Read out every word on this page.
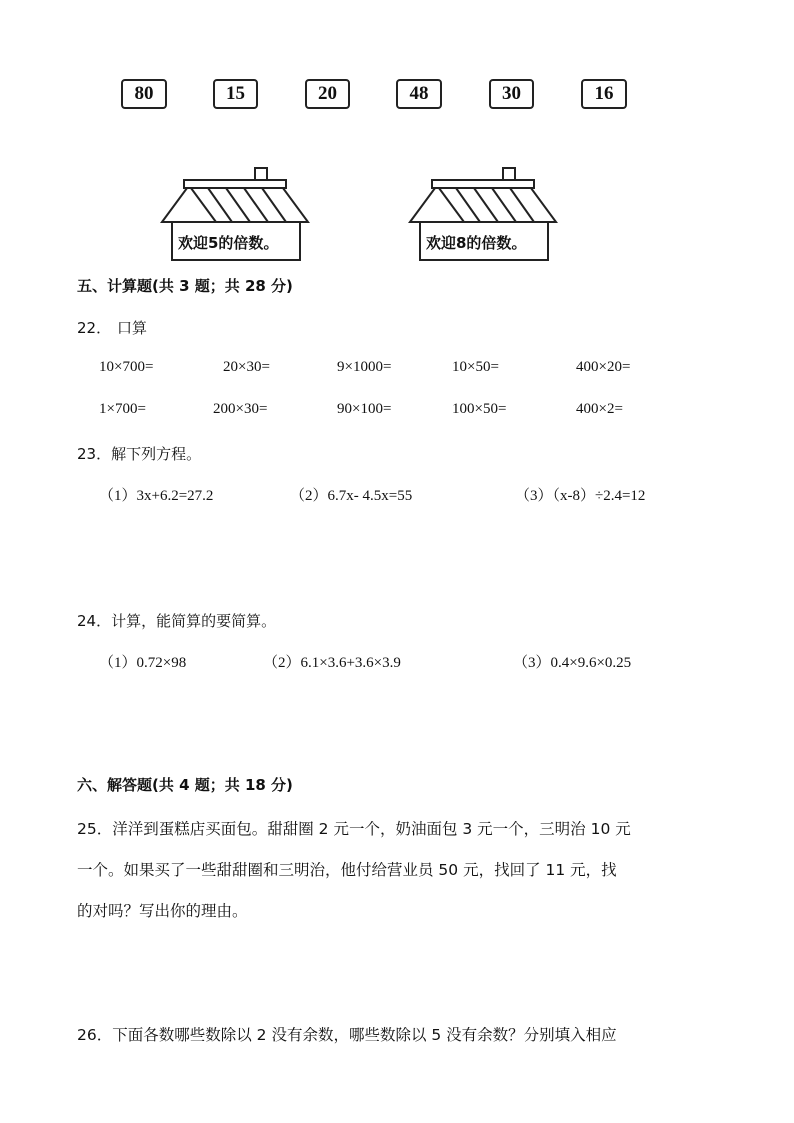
80	15	20	48	30	16
欢迎5的倍数。	欢迎8的倍数。
五、计算题(共 3 题；共 28 分)
22． 口算
10×700=	20×30=	9×1000=	10×50=	400×20=
1×700=	200×30=	90×100=	100×50=	400×2=
23．解下列方程。
（1）3x+6.2=27.2	（2）6.7x- 4.5x=55	（3）（x-8）÷2.4=12
24．计算，能简算的要简算。
（1）0.72×98	（2）6.1×3.6+3.6×3.9	（3）0.4×9.6×0.25
六、解答题(共 4 题；共 18 分)
25．洋洋到蛋糕店买面包。甜甜圈 2 元一个，奶油面包 3 元一个，三明治 10 元
一个。如果买了一些甜甜圈和三明治，他付给营业员 50 元，找回了 11 元，找
的对吗？写出你的理由。
26．下面各数哪些数除以 2 没有余数，哪些数除以 5 没有余数？分别填入相应
